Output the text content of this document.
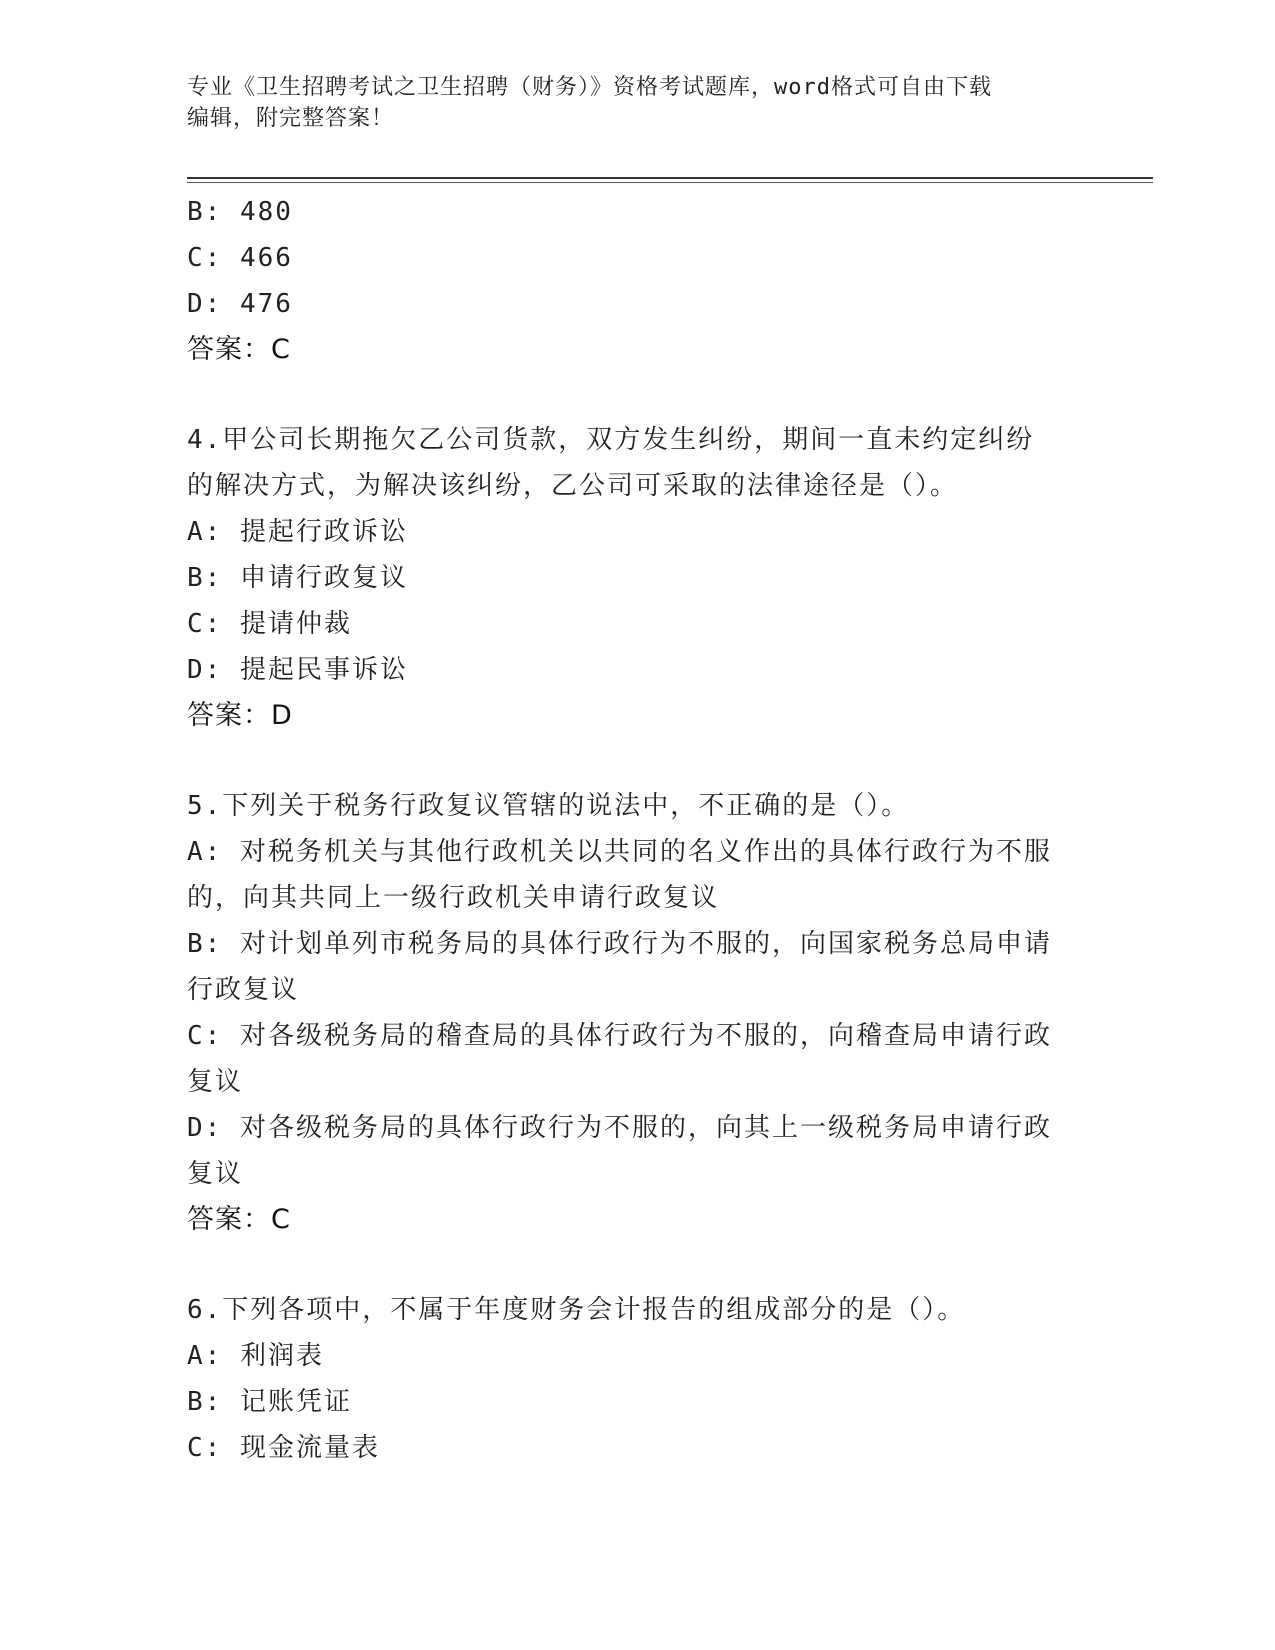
专业《卫生招聘考试之卫生招聘（财务）》资格考试题库，word格式可自由下载
编辑，附完整答案！
B: 480
C: 466
D: 476
答案：C
4.甲公司长期拖欠乙公司货款，双方发生纠纷，期间一直未约定纠纷
的解决方式，为解决该纠纷，乙公司可采取的法律途径是（）。
A: 提起行政诉讼
B: 申请行政复议
C: 提请仲裁
D: 提起民事诉讼
答案：D
5.下列关于税务行政复议管辖的说法中，不正确的是（）。
A: 对税务机关与其他行政机关以共同的名义作出的具体行政行为不服
的，向其共同上一级行政机关申请行政复议
B: 对计划单列市税务局的具体行政行为不服的，向国家税务总局申请
行政复议
C: 对各级税务局的稽查局的具体行政行为不服的，向稽查局申请行政
复议
D: 对各级税务局的具体行政行为不服的，向其上一级税务局申请行政
复议
答案：C
6.下列各项中，不属于年度财务会计报告的组成部分的是（）。
A: 利润表
B: 记账凭证
C: 现金流量表
